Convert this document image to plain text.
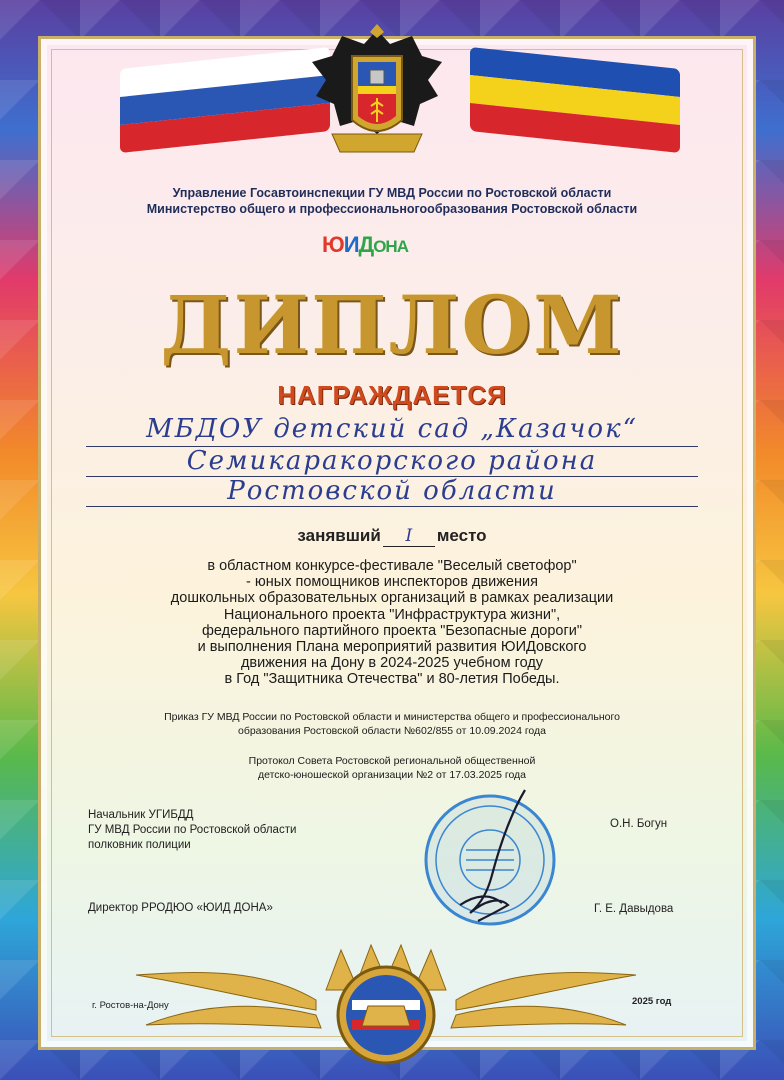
Управление Госавтоинспекции ГУ МВД России по Ростовской области
Министерство общего и профессиональногообразования Ростовской области
ЮИДОНА
ДИПЛОМ
НАГРАЖДАЕТСЯ
МБДОУ детский сад „Казачок“
Семикаракорского района
Ростовской области
занявший I место
в областном конкурсе-фестивале "Веселый светофор"
- юных помощников инспекторов движения
дошкольных образовательных организаций в рамках реализации
Национального проекта "Инфраструктура жизни",
федерального партийного проекта "Безопасные дороги"
и выполнения Плана мероприятий развития ЮИДовского
движения на Дону в 2024-2025 учебном году
в Год "Защитника Отечества" и 80-летия Победы.
Приказ ГУ МВД России по Ростовской области и министерства общего и профессионального
образования Ростовской области №602/855 от 10.09.2024 года
Протокол Совета Ростовской региональной общественной
детско-юношеской организации №2 от 17.03.2025 года
Начальник УГИБДД
ГУ МВД России по Ростовской области
полковник полиции
О.Н. Богун
Директор РРОДЮО «ЮИД ДОНА»	Г. Е. Давыдова
г. Ростов-на-Дону	2025 год
